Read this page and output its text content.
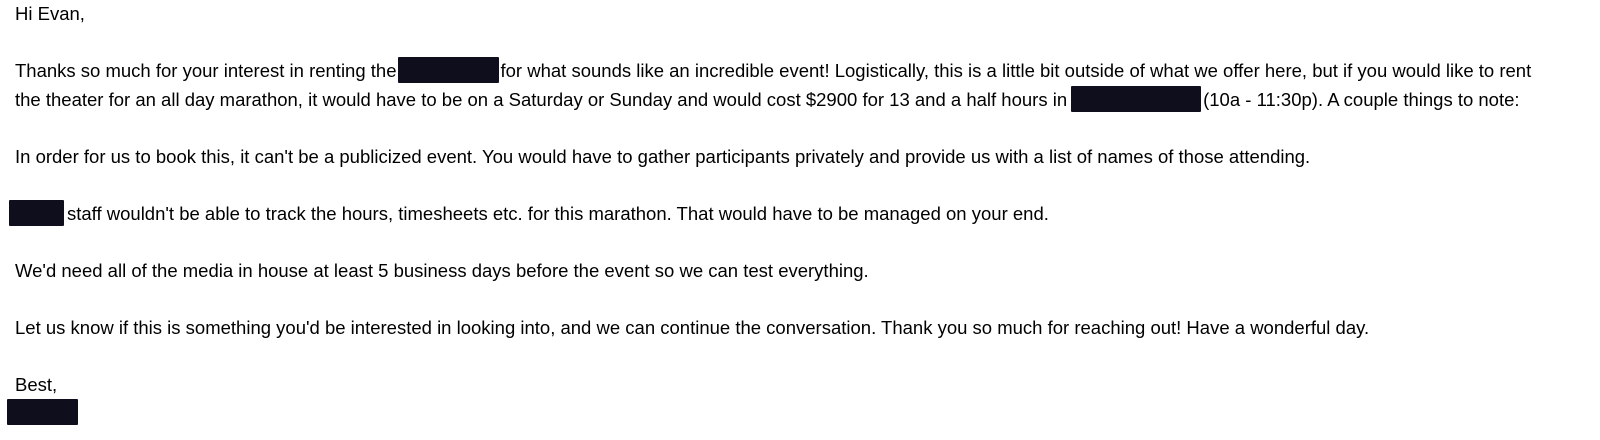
Hi Evan,

Thanks so much for your interest in renting the	for what sounds like an incredible event! Logistically, this is a little bit outside of what we offer here, but if you would like to rent
the theater for an all day marathon, it would have to be on a Saturday or Sunday and would cost $2900 for 13 and a half hours in	(10a - 11:30p). A couple things to note:

In order for us to book this, it can't be a publicized event. You would have to gather participants privately and provide us with a list of names of those attending.

staff wouldn't be able to track the hours, timesheets etc. for this marathon. That would have to be managed on your end.

We'd need all of the media in house at least 5 business days before the event so we can test everything.

Let us know if this is something you'd be interested in looking into, and we can continue the conversation. Thank you so much for reaching out! Have a wonderful day.

Best,
